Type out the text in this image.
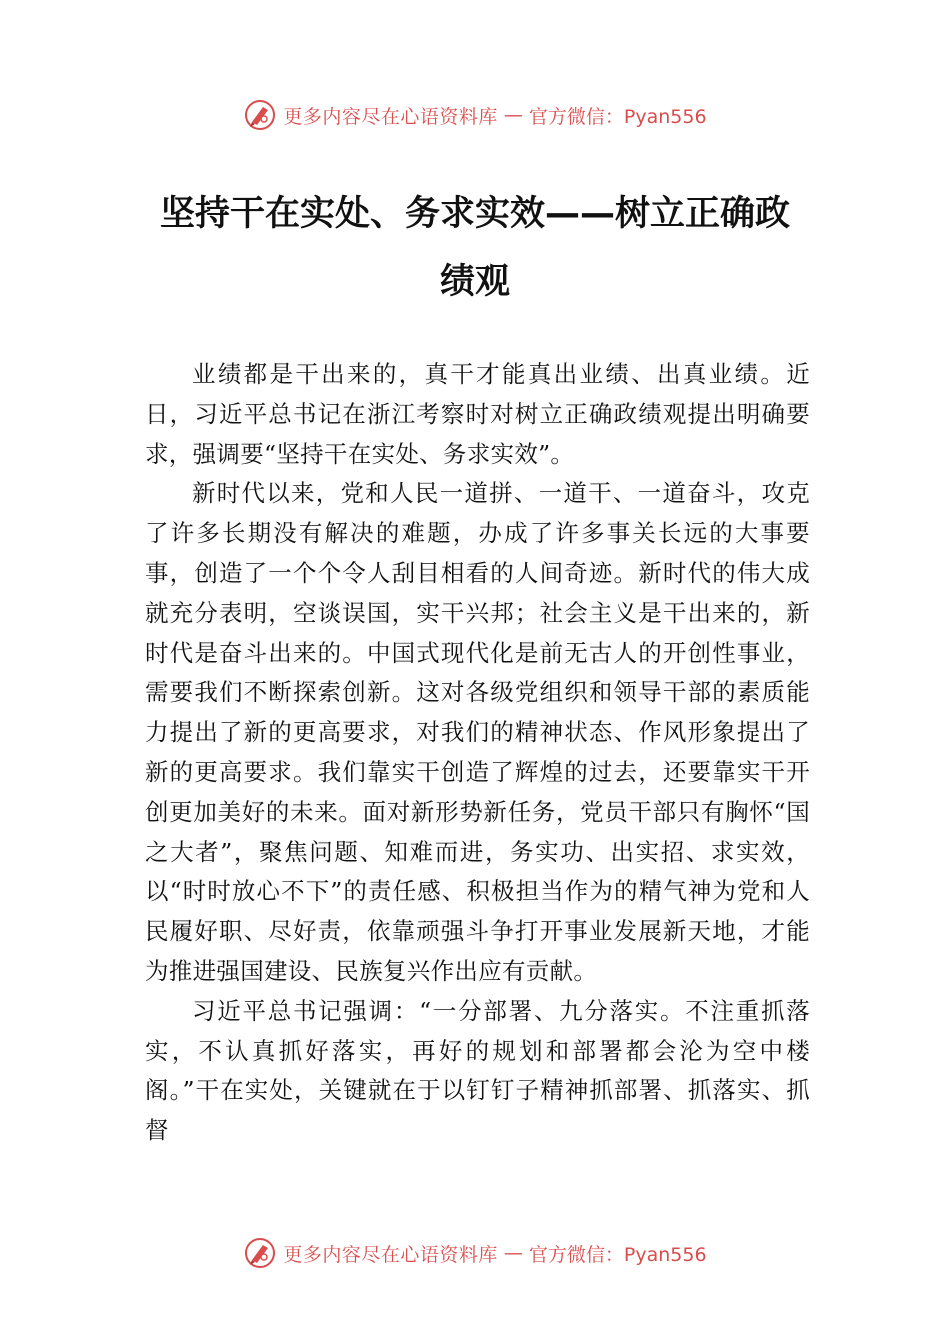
更多内容尽在心语资料库 — 官方微信：Pyan556
坚持干在实处、务求实效——树立正确政
绩观

业绩都是干出来的，真干才能真出业绩、出真业绩。近日，习近平总书记在浙江考察时对树立正确政绩观提出明确要求，强调要“坚持干在实处、务求实效”。

新时代以来，党和人民一道拼、一道干、一道奋斗，攻克了许多长期没有解决的难题，办成了许多事关长远的大事要事，创造了一个个令人刮目相看的人间奇迹。新时代的伟大成就充分表明，空谈误国，实干兴邦；社会主义是干出来的，新时代是奋斗出来的。中国式现代化是前无古人的开创性事业，需要我们不断探索创新。这对各级党组织和领导干部的素质能力提出了新的更高要求，对我们的精神状态、作风形象提出了新的更高要求。我们靠实干创造了辉煌的过去，还要靠实干开创更加美好的未来。面对新形势新任务，党员干部只有胸怀“国之大者”，聚焦问题、知难而进，务实功、出实招、求实效，以“时时放心不下”的责任感、积极担当作为的精气神为党和人民履好职、尽好责，依靠顽强斗争打开事业发展新天地，才能为推进强国建设、民族复兴作出应有贡献。

习近平总书记强调：“一分部署、九分落实。不注重抓落实，不认真抓好落实，再好的规划和部署都会沦为空中楼阁。”干在实处，关键就在于以钉钉子精神抓部署、抓落实、抓督

更多内容尽在心语资料库 — 官方微信：Pyan556
